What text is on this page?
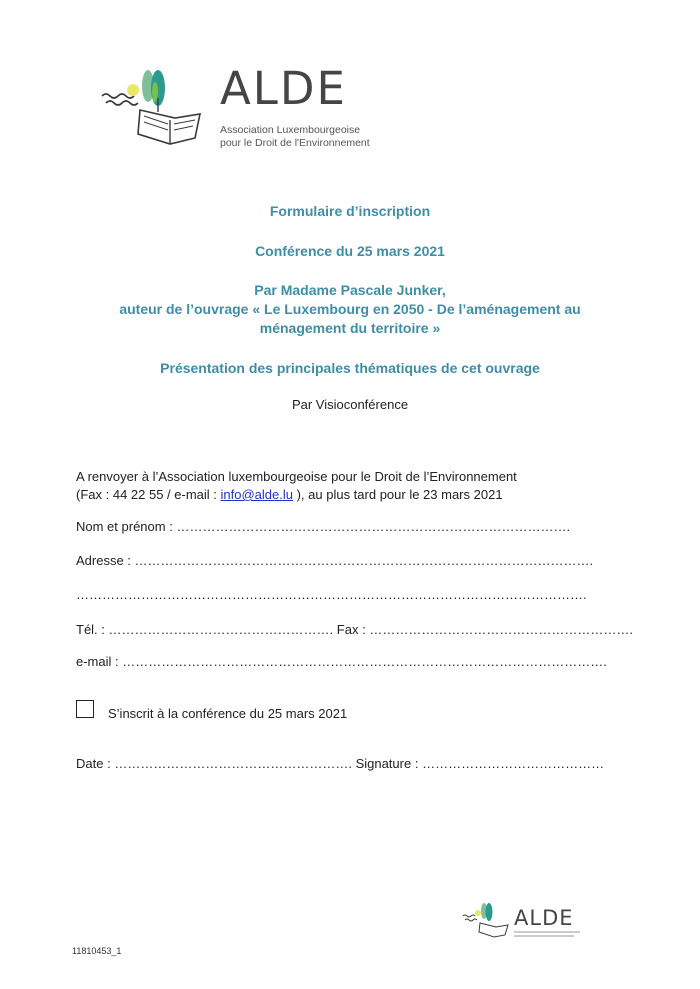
ALDE
Association Luxembourgeoise
pour le Droit de l'Environnement
Formulaire d’inscription
Conférence du 25 mars 2021
Par Madame Pascale Junker,
auteur de l’ouvrage « Le Luxembourg en 2050 - De l’aménagement au
ménagement du territoire »
Présentation des principales thématiques de cet ouvrage
Par Visioconférence
A renvoyer à l’Association luxembourgeoise pour le Droit de l’Environnement
(Fax : 44 22 55 / e-mail : info@alde.lu ), au plus tard pour le 23 mars 2021
Nom et prénom : ……………………………………………………………………………….
Adresse : …………………………………………………………………………………………….
……………………………………………………………………………………………………….
Tél. : ……………………………………………. Fax : …………………………………………………….
e-mail : ………………………………………………………………………………………………….
S’inscrit à la conférence du 25 mars 2021
Date : ………………………………………………. Signature : ……………………………………
ALDE
11810453_1
